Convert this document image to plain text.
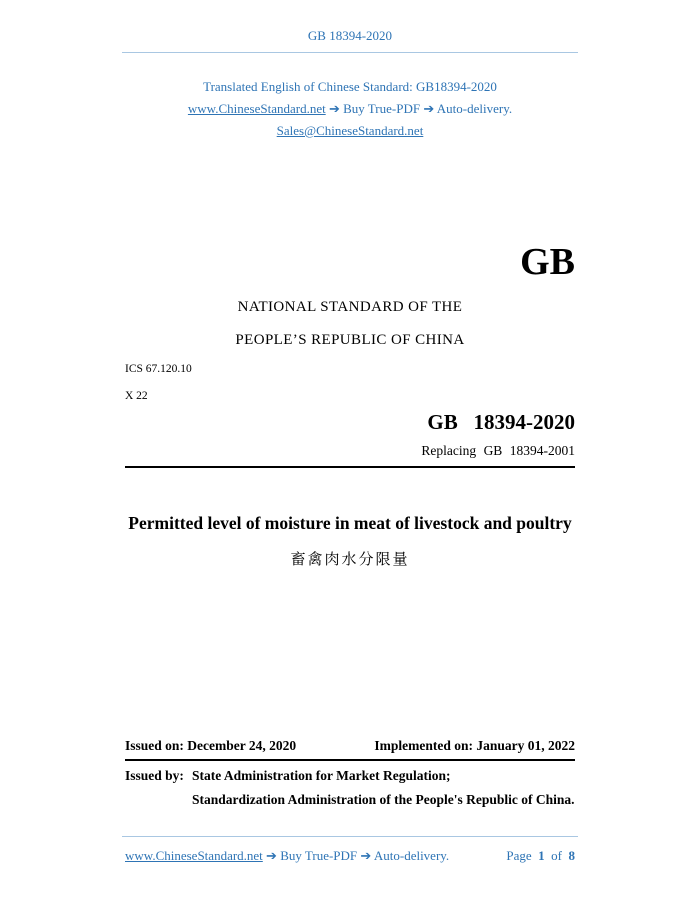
GB 18394-2020
Translated English of Chinese Standard: GB18394-2020
www.ChineseStandard.net ➔ Buy True-PDF ➔ Auto-delivery.
Sales@ChineseStandard.net
GB
NATIONAL STANDARD OF THE
PEOPLE’S REPUBLIC OF CHINA
ICS 67.120.10
X 22
GB 18394-2020
Replacing GB 18394-2001
Permitted level of moisture in meat of livestock and poultry
畜禽肉水分限量
Issued on: December 24, 2020	Implemented on: January 01, 2022
Issued by: State Administration for Market Regulation;
Standardization Administration of the People's Republic of China.
www.ChineseStandard.net ➔ Buy True-PDF ➔ Auto-delivery.	Page 1 of 8
